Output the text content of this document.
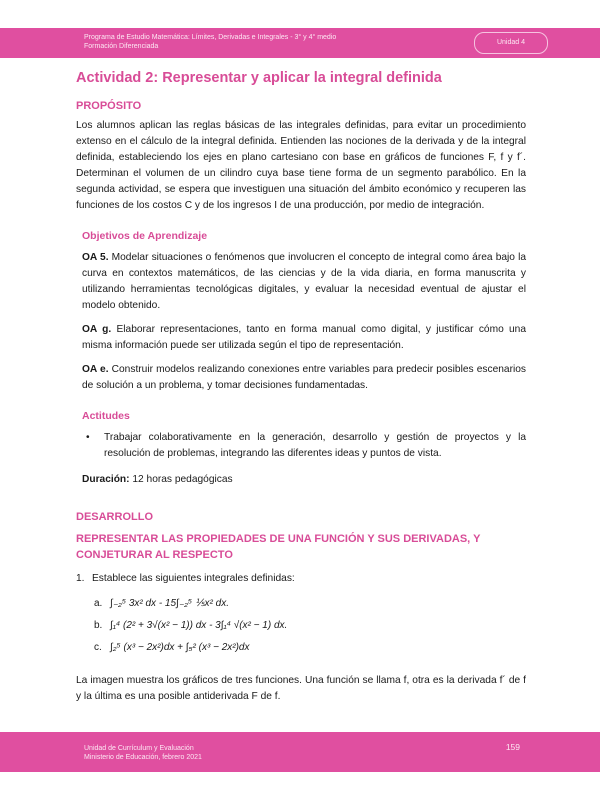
Programa de Estudio Matemática: Límites, Derivadas e Integrales - 3° y 4° medio
Formación Diferenciada
Unidad 4
Actividad 2: Representar y aplicar la integral definida
PROPÓSITO

Los alumnos aplican las reglas básicas de las integrales definidas, para evitar un procedimiento extenso en el cálculo de la integral definida. Entienden las nociones de la derivada y de la integral definida, estableciendo los ejes en plano cartesiano con base en gráficos de funciones F, f y f´. Determinan el volumen de un cilindro cuya base tiene forma de un segmento parabólico. En la segunda actividad, se espera que investiguen una situación del ámbito económico y recuperen las funciones de los costos C y de los ingresos I de una producción, por medio de integración.

Objetivos de Aprendizaje

OA 5. Modelar situaciones o fenómenos que involucren el concepto de integral como área bajo la curva en contextos matemáticos, de las ciencias y de la vida diaria, en forma manuscrita y utilizando herramientas tecnológicas digitales, y evaluar la necesidad eventual de ajustar el modelo obtenido.

OA g. Elaborar representaciones, tanto en forma manual como digital, y justificar cómo una misma información puede ser utilizada según el tipo de representación.

OA e. Construir modelos realizando conexiones entre variables para predecir posibles escenarios de solución a un problema, y tomar decisiones fundamentadas.

Actitudes
• Trabajar colaborativamente en la generación, desarrollo y gestión de proyectos y la resolución de problemas, integrando las diferentes ideas y puntos de vista.
Duración: 12 horas pedagógicas
DESARROLLO
REPRESENTAR LAS PROPIEDADES DE UNA FUNCIÓN Y SUS DERIVADAS, Y CONJETURAR AL RESPECTO
1. Establece las siguientes integrales definidas:
a. ∫₋₂⁵ 3x² dx - 15∫₋₂⁵ ⅕x² dx.
b. ∫₁⁴ (2² + 3√(x² − 1)) dx - 3∫₁⁴ √(x² − 1) dx.
c. ∫₂⁵ (x³ − 2x²)dx + ∫₅² (x³ − 2x²)dx

La imagen muestra los gráficos de tres funciones. Una función se llama f, otra es la derivada f´ de f y la última es una posible antiderivada F de f.

Unidad de Currículum y Evaluación
Ministerio de Educación, febrero 2021
159
